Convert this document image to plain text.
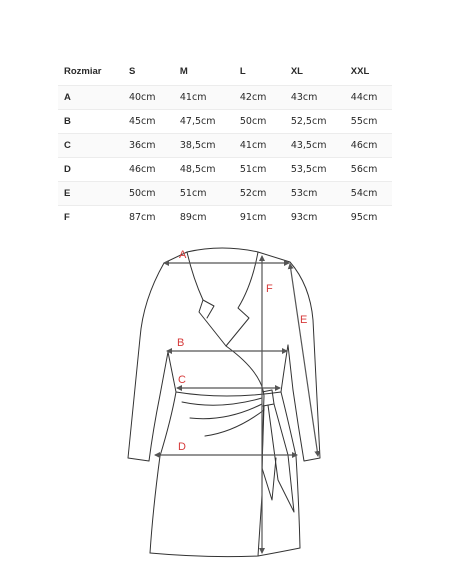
Rozmiar	S	M	L	XL	XXL
A	40cm	41cm	42cm	43cm	44cm
B	45cm	47,5cm	50cm	52,5cm	55cm
C	36cm	38,5cm	41cm	43,5cm	46cm
D	46cm	48,5cm	51cm	53,5cm	56cm
E	50cm	51cm	52cm	53cm	54cm
F	87cm	89cm	91cm	93cm	95cm
A
B
C
D
E
F
